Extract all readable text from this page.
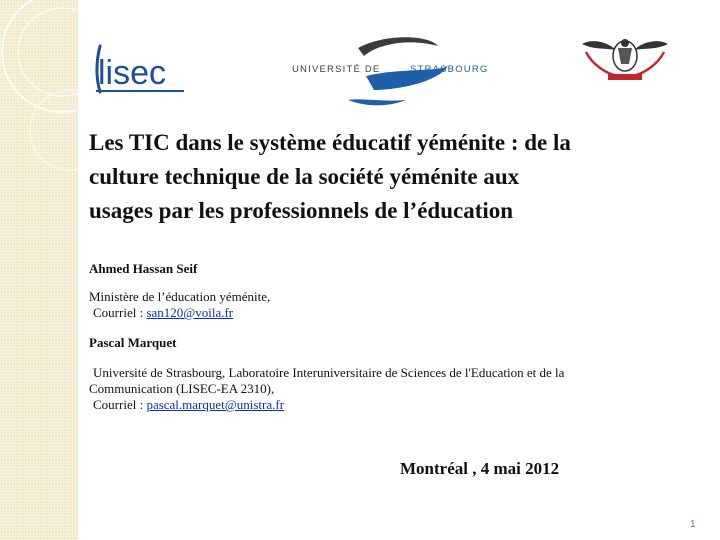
lisec	UNIVERSITÉ DE	STRASBOURG
Les TIC dans le système éducatif yéménite : de la
culture technique de la société yéménite aux
usages par les professionnels de l’éducation

Ahmed Hassan Seif

Ministère de l’éducation yéménite,

Courriel : san120@voila.fr

Pascal Marquet

Université de Strasbourg, Laboratoire Interuniversitaire de Sciences de l'Education et de la

Communication (LISEC-EA 2310),

Courriel : pascal.marquet@unistra.fr

Montréal , 4 mai 2012

1
